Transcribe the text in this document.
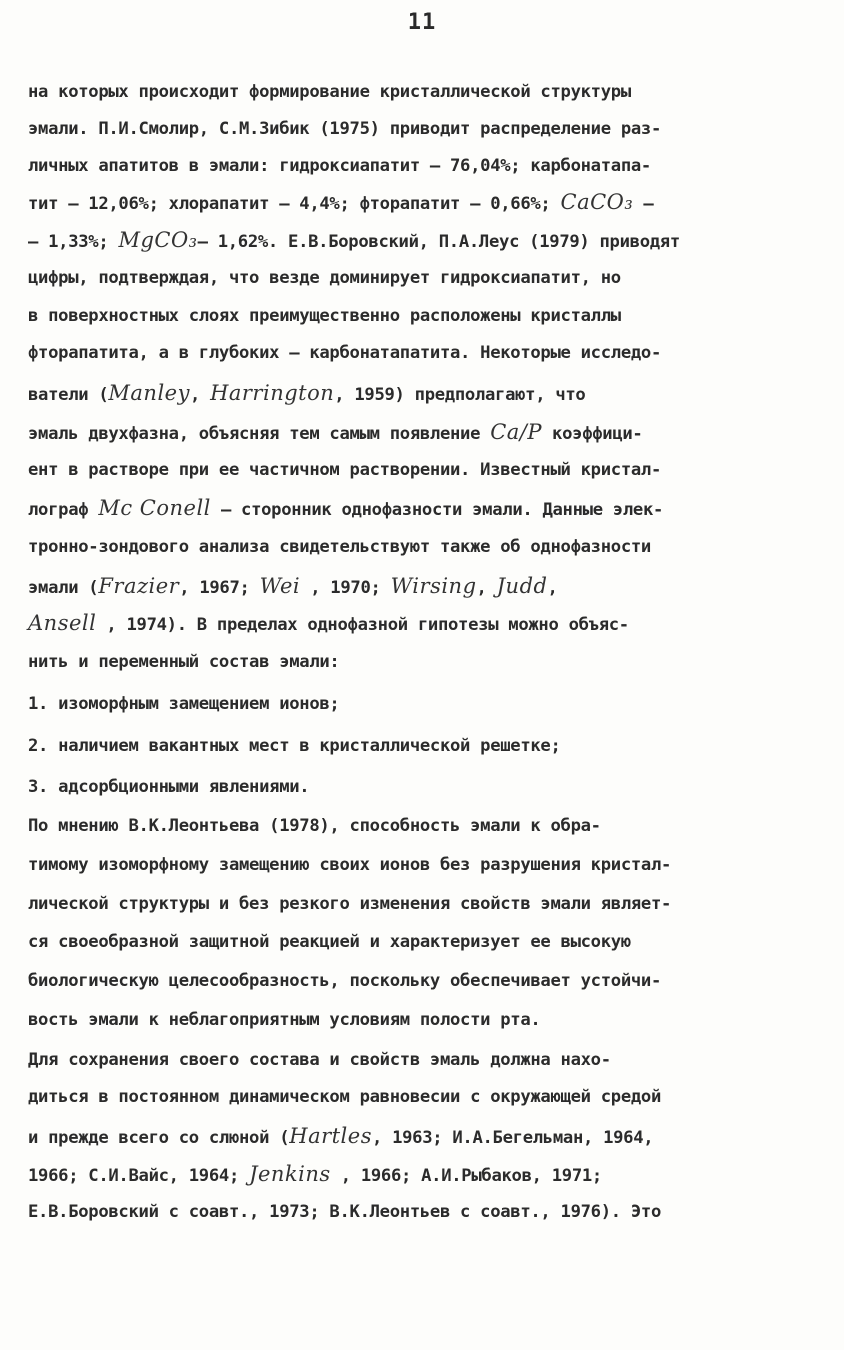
11
на которых происходит формирование кристаллической структуры
эмали. П.И.Смолир, С.М.Зибик (1975) приводит распределение раз-
личных апатитов в эмали: гидроксиапатит – 76,04%; карбонатапа-
тит – 12,06%; хлорапатит – 4,4%; фторапатит – 0,66%; CaCO₃ –
– 1,33%; MgCO₃– 1,62%. Е.В.Боровский, П.А.Леус (1979) приводят
цифры, подтверждая, что везде доминирует гидроксиапатит, но
в поверхностных слоях преимущественно расположены кристаллы
фторапатита, а в глубоких – карбонатапатита. Некоторые исследо-
ватели (Manley, Harrington, 1959) предполагают, что
эмаль двухфазна, объясняя тем самым появление Ca/P коэффици-
ент в растворе при ее частичном растворении. Известный кристал-
лограф Mc Conell – сторонник однофазности эмали. Данные элек-
тронно-зондового анализа свидетельствуют также об однофазности
эмали (Frazier, 1967; Wei , 1970; Wirsing, Judd,
Ansell , 1974). В пределах однофазной гипотезы можно объяс-
нить и переменный состав эмали:
1. изоморфным замещением ионов;
2. наличием вакантных мест в кристаллической решетке;
3. адсорбционными явлениями.
По мнению В.К.Леонтьева (1978), способность эмали к обра-
тимому изоморфному замещению своих ионов без разрушения кристал-
лической структуры и без резкого изменения свойств эмали являет-
ся своеобразной защитной реакцией и характеризует ее высокую
биологическую целесообразность, поскольку обеспечивает устойчи-
вость эмали к неблагоприятным условиям полости рта.
Для сохранения своего состава и свойств эмаль должна нахо-
диться в постоянном динамическом равновесии с окружающей средой
и прежде всего со слюной (Hartles, 1963; И.А.Бегельман, 1964,
1966; С.И.Вайс, 1964; Jenkins , 1966; А.И.Рыбаков, 1971;
Е.В.Боровский с соавт., 1973; В.К.Леонтьев с соавт., 1976). Это
